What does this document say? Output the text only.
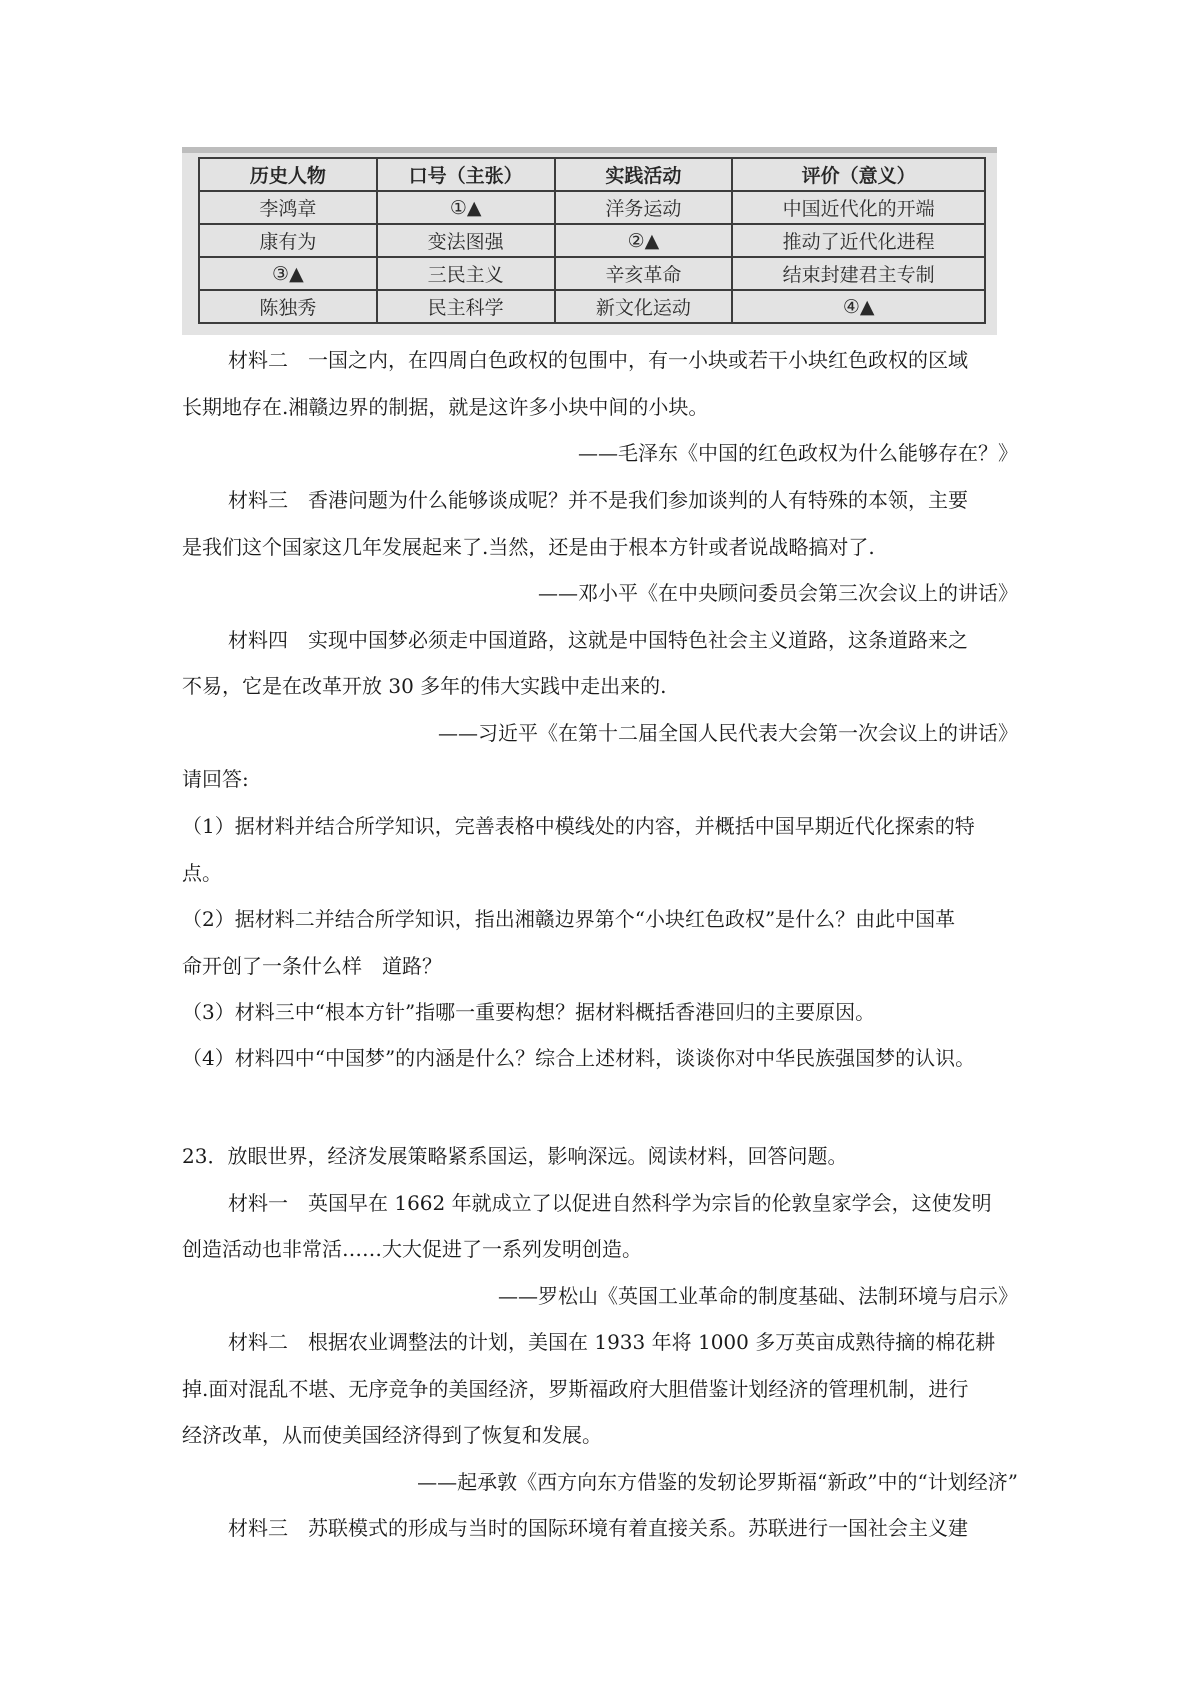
历史人物	口号（主张）	实践活动	评价（意义）
李鸿章	①▲	洋务运动	中国近代化的开端
康有为	变法图强	②▲	推动了近代化进程
③▲	三民主义	辛亥革命	结束封建君主专制
陈独秀	民主科学	新文化运动	④▲
材料二　一国之内，在四周白色政权的包围中，有一小块或若干小块红色政权的区域
长期地存在.湘赣边界的制据，就是这许多小块中间的小块。
——毛泽东《中国的红色政权为什么能够存在？》
材料三　香港问题为什么能够谈成呢？并不是我们参加谈判的人有特殊的本领，主要
是我们这个国家这几年发展起来了.当然，还是由于根本方针或者说战略搞对了.
——邓小平《在中央顾问委员会第三次会议上的讲话》
材料四　实现中国梦必须走中国道路，这就是中国特色社会主义道路，这条道路来之
不易，它是在改革开放 30 多年的伟大实践中走出来的.
——习近平《在第十二届全国人民代表大会第一次会议上的讲话》
请回答:
（1）据材料并结合所学知识，完善表格中模线处的内容，并概括中国早期近代化探索的特
点。
（2）据材料二并结合所学知识，指出湘赣边界第个“小块红色政权”是什么？由此中国革
命开创了一条什么样　道路？
（3）材料三中“根本方针”指哪一重要构想？据材料概括香港回归的主要原因。
（4）材料四中“中国梦”的内涵是什么？综合上述材料，谈谈你对中华民族强国梦的认识。
23．放眼世界，经济发展策略紧系国运，影响深远。阅读材料，回答问题。
材料一　英国早在 1662 年就成立了以促进自然科学为宗旨的伦敦皇家学会，这使发明
创造活动也非常活……大大促进了一系列发明创造。
——罗松山《英国工业革命的制度基础、法制环境与启示》
材料二　根据农业调整法的计划，美国在 1933 年将 1000 多万英亩成熟待摘的棉花耕
掉.面对混乱不堪、无序竞争的美国经济，罗斯福政府大胆借鉴计划经济的管理机制，进行
经济改革，从而使美国经济得到了恢复和发展。
——起承敦《西方向东方借鉴的发轫论罗斯福“新政”中的“计划经济”
材料三　苏联模式的形成与当时的国际环境有着直接关系。苏联进行一国社会主义建
